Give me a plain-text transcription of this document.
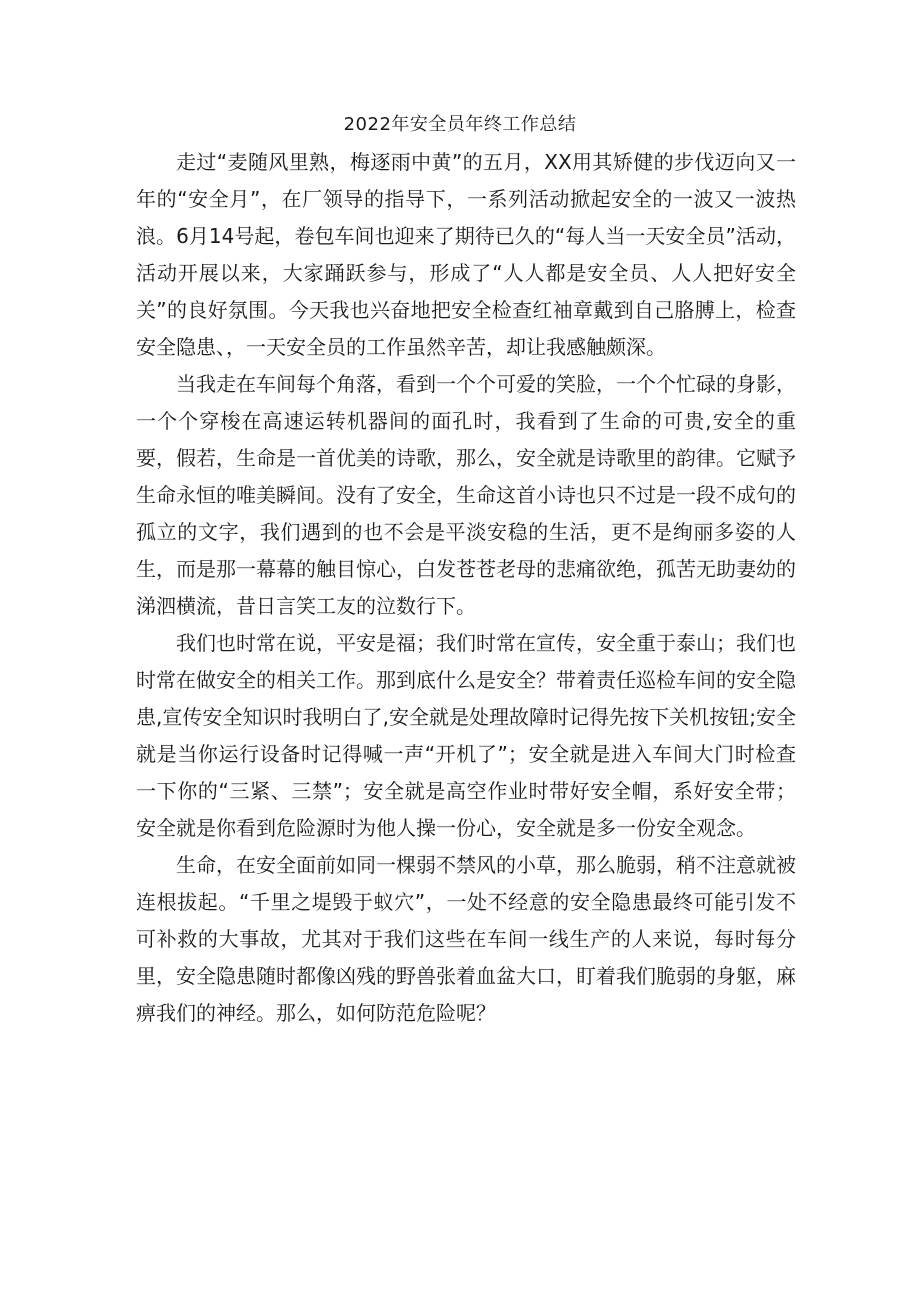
2022年安全员年终工作总结

走过“麦随风里熟，梅逐雨中黄”的五月，XX用其矫健的步伐迈向又一年的“安全月”，在厂领导的指导下，一系列活动掀起安全的一波又一波热浪。6月14号起，卷包车间也迎来了期待已久的“每人当一天安全员”活动，活动开展以来，大家踊跃参与，形成了“人人都是安全员、人人把好安全关”的良好氛围。今天我也兴奋地把安全检查红袖章戴到自己胳膊上，检查安全隐患、，一天安全员的工作虽然辛苦，却让我感触颇深。

当我走在车间每个角落，看到一个个可爱的笑脸，一个个忙碌的身影，一个个穿梭在高速运转机器间的面孔时，我看到了生命的可贵,安全的重要，假若，生命是一首优美的诗歌，那么，安全就是诗歌里的韵律。它赋予生命永恒的唯美瞬间。没有了安全，生命这首小诗也只不过是一段不成句的孤立的文字，我们遇到的也不会是平淡安稳的生活，更不是绚丽多姿的人生，而是那一幕幕的触目惊心，白发苍苍老母的悲痛欲绝，孤苦无助妻幼的涕泗横流，昔日言笑工友的泣数行下。

我们也时常在说，平安是福；我们时常在宣传，安全重于泰山；我们也时常在做安全的相关工作。那到底什么是安全？带着责任巡检车间的安全隐患,宣传安全知识时我明白了,安全就是处理故障时记得先按下关机按钮;安全就是当你运行设备时记得喊一声“开机了”；安全就是进入车间大门时检查一下你的“三紧、三禁”；安全就是高空作业时带好安全帽，系好安全带；安全就是你看到危险源时为他人操一份心，安全就是多一份安全观念。

生命，在安全面前如同一棵弱不禁风的小草，那么脆弱，稍不注意就被连根拔起。“千里之堤毁于蚁穴”，一处不经意的安全隐患最终可能引发不可补救的大事故，尤其对于我们这些在车间一线生产的人来说，每时每分里，安全隐患随时都像凶残的野兽张着血盆大口，盯着我们脆弱的身躯，麻痹我们的神经。那么，如何防范危险呢？
